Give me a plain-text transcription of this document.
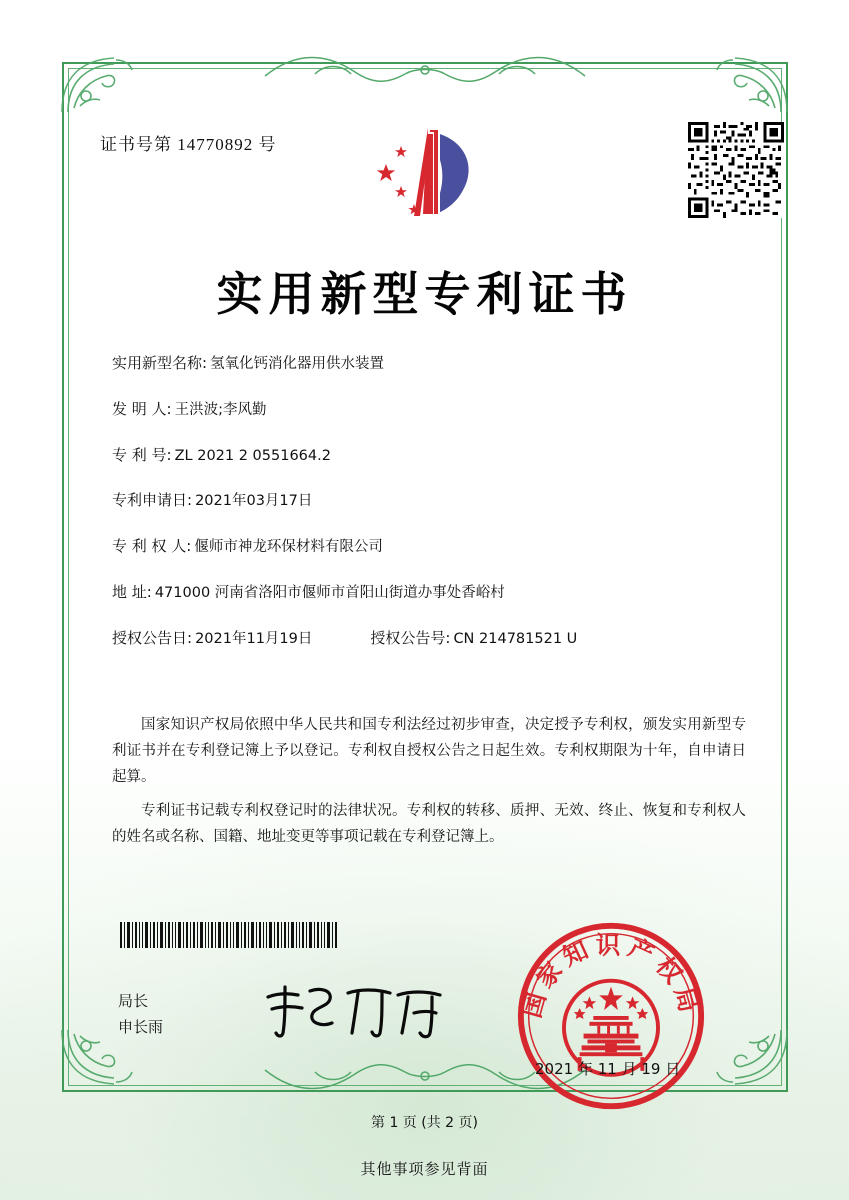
证书号第 14770892 号
实用新型专利证书
实用新型名称: 氢氧化钙消化器用供水装置
发 明 人: 王洪波;李风勤
专 利 号: ZL 2021 2 0551664.2
专利申请日: 2021年03月17日
专 利 权 人: 偃师市神龙环保材料有限公司
地 址: 471000 河南省洛阳市偃师市首阳山街道办事处香峪村
授权公告日: 2021年11月19日	授权公告号: CN 214781521 U

国家知识产权局依照中华人民共和国专利法经过初步审查，决定授予专利权，颁发实用新型专利证书并在专利登记簿上予以登记。专利权自授权公告之日起生效。专利权期限为十年，自申请日起算。

专利证书记载专利权登记时的法律状况。专利权的转移、质押、无效、终止、恢复和专利权人的姓名或名称、国籍、地址变更等事项记载在专利登记簿上。

局长
申长雨
国家知识产权局
2021 年 11 月 19 日
第 1 页 (共 2 页)
其他事项参见背面
